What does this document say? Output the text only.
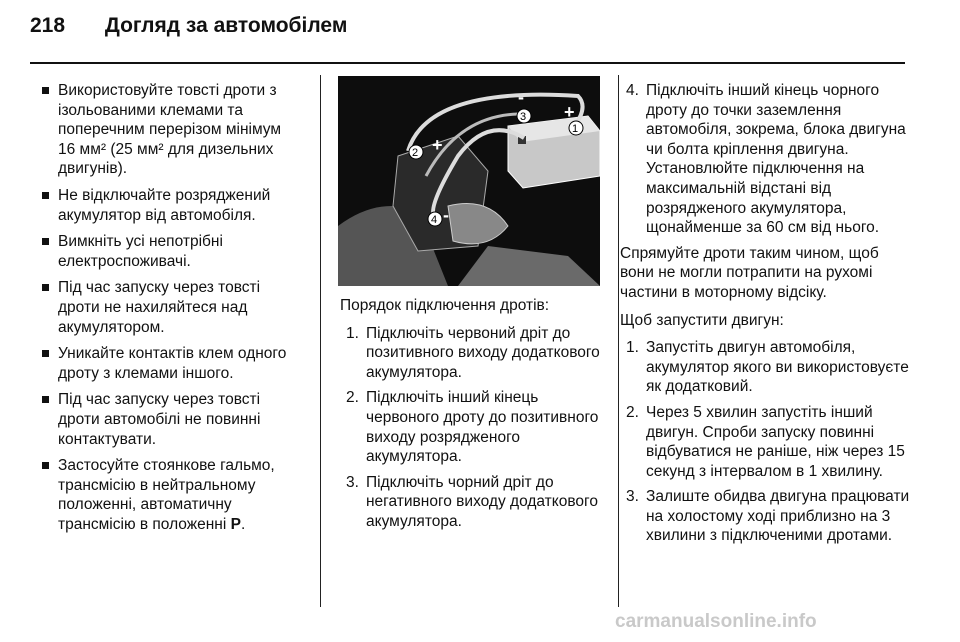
218 Догляд за автомобілем
Використовуйте товсті дроти з ізольованими клемами та поперечним перерізом мінімум 16 мм² (25 мм² для дизельних двигунів).
Не відключайте розряджений акумулятор від автомобіля.
Вимкніть усі непотрібні електроспоживачі.
Під час запуску через товсті дроти не нахиляйтеся над акумулятором.
Уникайте контактів клем одного дроту з клемами іншого.
Під час запуску через товсті дроти автомобілі не повинні контактувати.
Застосуйте стоянкове гальмо, трансмісію в нейтральному положенні, автоматичну трансмісію в положенні P.
1
2
3
4
+
+
-
-

Порядок підключення дротів:

1. Підключіть червоний дріт до позитивного виходу додаткового акумулятора.
2. Підключіть інший кінець червоного дроту до позитивного виходу розрядженого акумулятора.
3. Підключіть чорний дріт до негативного виходу додаткового акумулятора.
4. Підключіть інший кінець чорного дроту до точки заземлення автомобіля, зокрема, блока двигуна чи болта кріплення двигуна. Установлюйте підключення на максимальній відстані від розрядженого акумулятора, щонайменше за 60 см від нього.

Спрямуйте дроти таким чином, щоб вони не могли потрапити на рухомі частини в моторному відсіку.

Щоб запустити двигун:

1. Запустіть двигун автомобіля, акумулятор якого ви використовуєте як додатковий.
2. Через 5 хвилин запустіть інший двигун. Спроби запуску повинні відбуватися не раніше, ніж через 15 секунд з інтервалом в 1 хвилину.
3. Залиште обидва двигуна працювати на холостому ході приблизно на 3 хвилини з підключеними дротами.
carmanualsonline.info
